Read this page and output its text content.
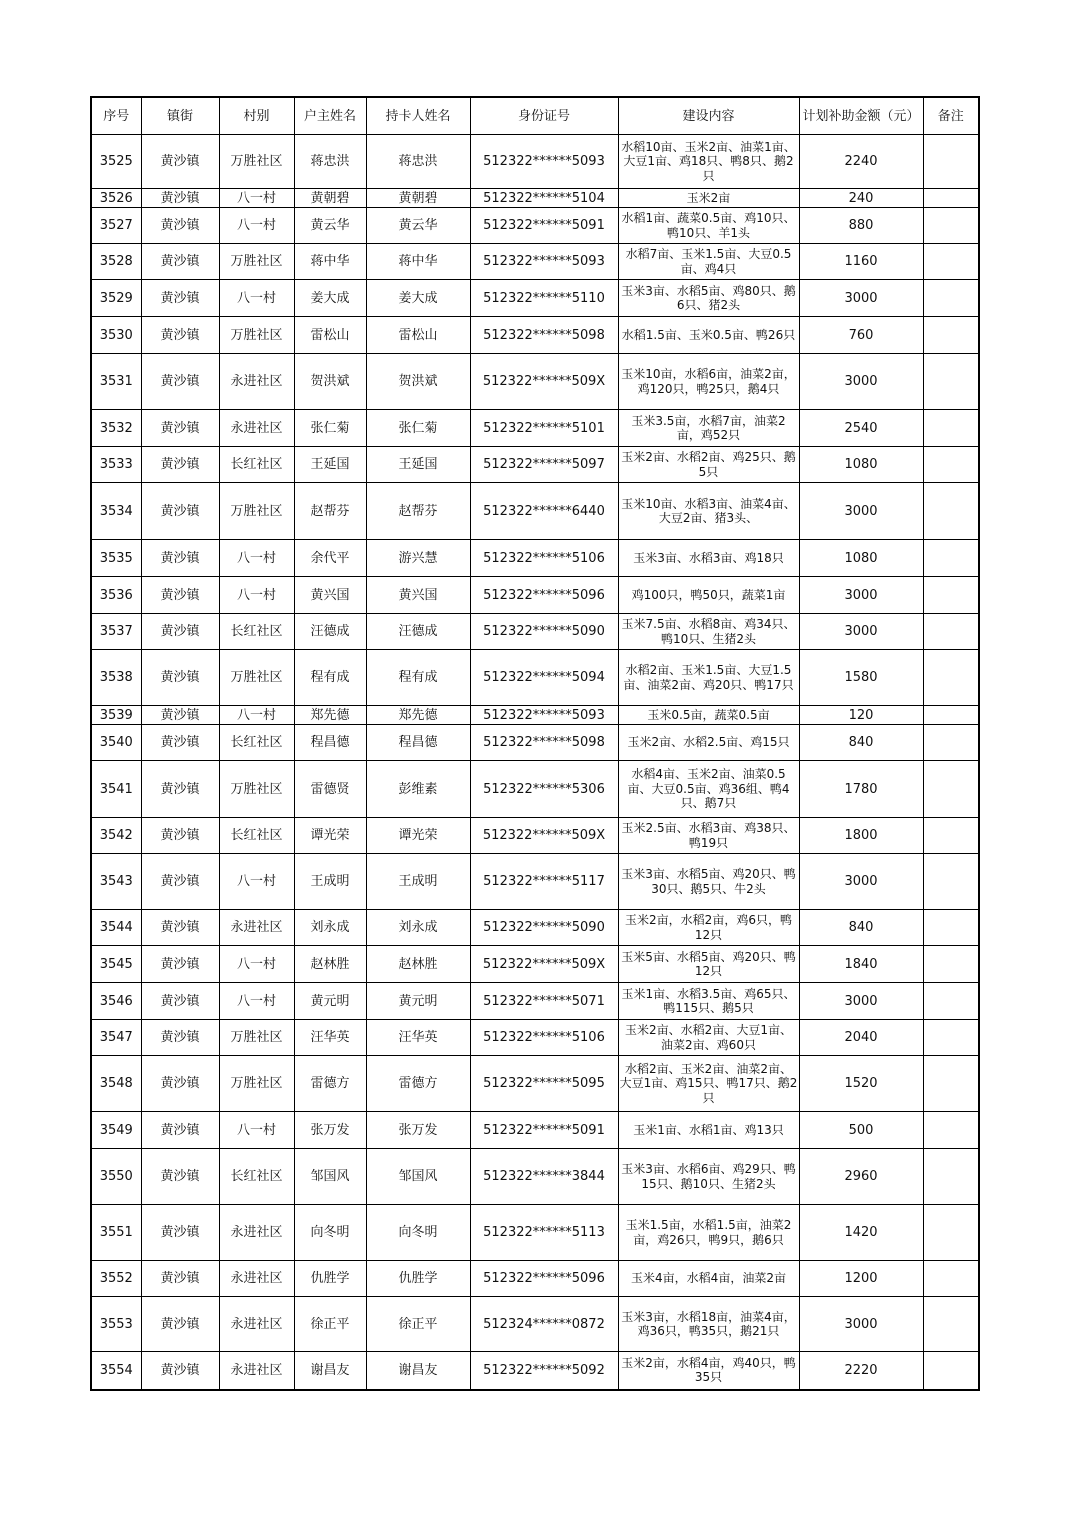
序号	镇街	村别	户主姓名	持卡人姓名	身份证号	建设内容	计划补助金额（元）	备注
3525	黄沙镇	万胜社区	蒋忠洪	蒋忠洪	512322******5093	水稻10亩、玉米2亩、油菜1亩、大豆1亩、鸡18只、鸭8只、鹅2只	2240	
3526	黄沙镇	八一村	黄朝碧	黄朝碧	512322******5104	玉米2亩	240	
3527	黄沙镇	八一村	黄云华	黄云华	512322******5091	水稻1亩、蔬菜0.5亩、鸡10只、鸭10只、羊1头	880	
3528	黄沙镇	万胜社区	蒋中华	蒋中华	512322******5093	水稻7亩、玉米1.5亩、大豆0.5亩、鸡4只	1160	
3529	黄沙镇	八一村	姜大成	姜大成	512322******5110	玉米3亩、水稻5亩、鸡80只、鹅6只、猪2头	3000	
3530	黄沙镇	万胜社区	雷松山	雷松山	512322******5098	水稻1.5亩、玉米0.5亩、鸭26只	760	
3531	黄沙镇	永进社区	贺洪斌	贺洪斌	512322******509X	玉米10亩，水稻6亩，油菜2亩，鸡120只，鸭25只，鹅4只	3000	
3532	黄沙镇	永进社区	张仁菊	张仁菊	512322******5101	玉米3.5亩，水稻7亩，油菜2亩，鸡52只	2540	
3533	黄沙镇	长红社区	王延国	王延国	512322******5097	玉米2亩、水稻2亩、鸡25只、鹅5只	1080	
3534	黄沙镇	万胜社区	赵帮芬	赵帮芬	512322******6440	玉米10亩、水稻3亩、油菜4亩、大豆2亩、猪3头、	3000	
3535	黄沙镇	八一村	余代平	游兴慧	512322******5106	玉米3亩、水稻3亩、鸡18只	1080	
3536	黄沙镇	八一村	黄兴国	黄兴国	512322******5096	鸡100只，鸭50只，蔬菜1亩	3000	
3537	黄沙镇	长红社区	汪德成	汪德成	512322******5090	玉米7.5亩、水稻8亩、鸡34只、鸭10只、生猪2头	3000	
3538	黄沙镇	万胜社区	程有成	程有成	512322******5094	水稻2亩、玉米1.5亩、大豆1.5亩、油菜2亩、鸡20只、鸭17只	1580	
3539	黄沙镇	八一村	郑先德	郑先德	512322******5093	玉米0.5亩，蔬菜0.5亩	120	
3540	黄沙镇	长红社区	程昌德	程昌德	512322******5098	玉米2亩、水稻2.5亩、鸡15只	840	
3541	黄沙镇	万胜社区	雷德贤	彭维素	512322******5306	水稻4亩、玉米2亩、油菜0.5亩、大豆0.5亩、鸡36组、鸭4只、鹅7只	1780	
3542	黄沙镇	长红社区	谭光荣	谭光荣	512322******509X	玉米2.5亩、水稻3亩、鸡38只、鸭19只	1800	
3543	黄沙镇	八一村	王成明	王成明	512322******5117	玉米3亩、水稻5亩、鸡20只、鸭30只、鹅5只、牛2头	3000	
3544	黄沙镇	永进社区	刘永成	刘永成	512322******5090	玉米2亩，水稻2亩，鸡6只，鸭12只	840	
3545	黄沙镇	八一村	赵林胜	赵林胜	512322******509X	玉米5亩、水稻5亩、鸡20只、鸭12只	1840	
3546	黄沙镇	八一村	黄元明	黄元明	512322******5071	玉米1亩、水稻3.5亩、鸡65只、鸭115只、鹅5只	3000	
3547	黄沙镇	万胜社区	汪华英	汪华英	512322******5106	玉米2亩、水稻2亩、大豆1亩、油菜2亩、鸡60只	2040	
3548	黄沙镇	万胜社区	雷德方	雷德方	512322******5095	水稻2亩、玉米2亩、油菜2亩、大豆1亩、鸡15只、鸭17只、鹅2只	1520	
3549	黄沙镇	八一村	张万发	张万发	512322******5091	玉米1亩、水稻1亩、鸡13只	500	
3550	黄沙镇	长红社区	邹国风	邹国风	512322******3844	玉米3亩、水稻6亩、鸡29只、鸭15只、鹅10只、生猪2头	2960	
3551	黄沙镇	永进社区	向冬明	向冬明	512322******5113	玉米1.5亩，水稻1.5亩，油菜2亩，鸡26只，鸭9只，鹅6只	1420	
3552	黄沙镇	永进社区	仇胜学	仇胜学	512322******5096	玉米4亩，水稻4亩，油菜2亩	1200	
3553	黄沙镇	永进社区	徐正平	徐正平	512324******0872	玉米3亩，水稻18亩，油菜4亩，鸡36只，鸭35只，鹅21只	3000	
3554	黄沙镇	永进社区	谢昌友	谢昌友	512322******5092	玉米2亩，水稻4亩，鸡40只，鸭35只	2220	
